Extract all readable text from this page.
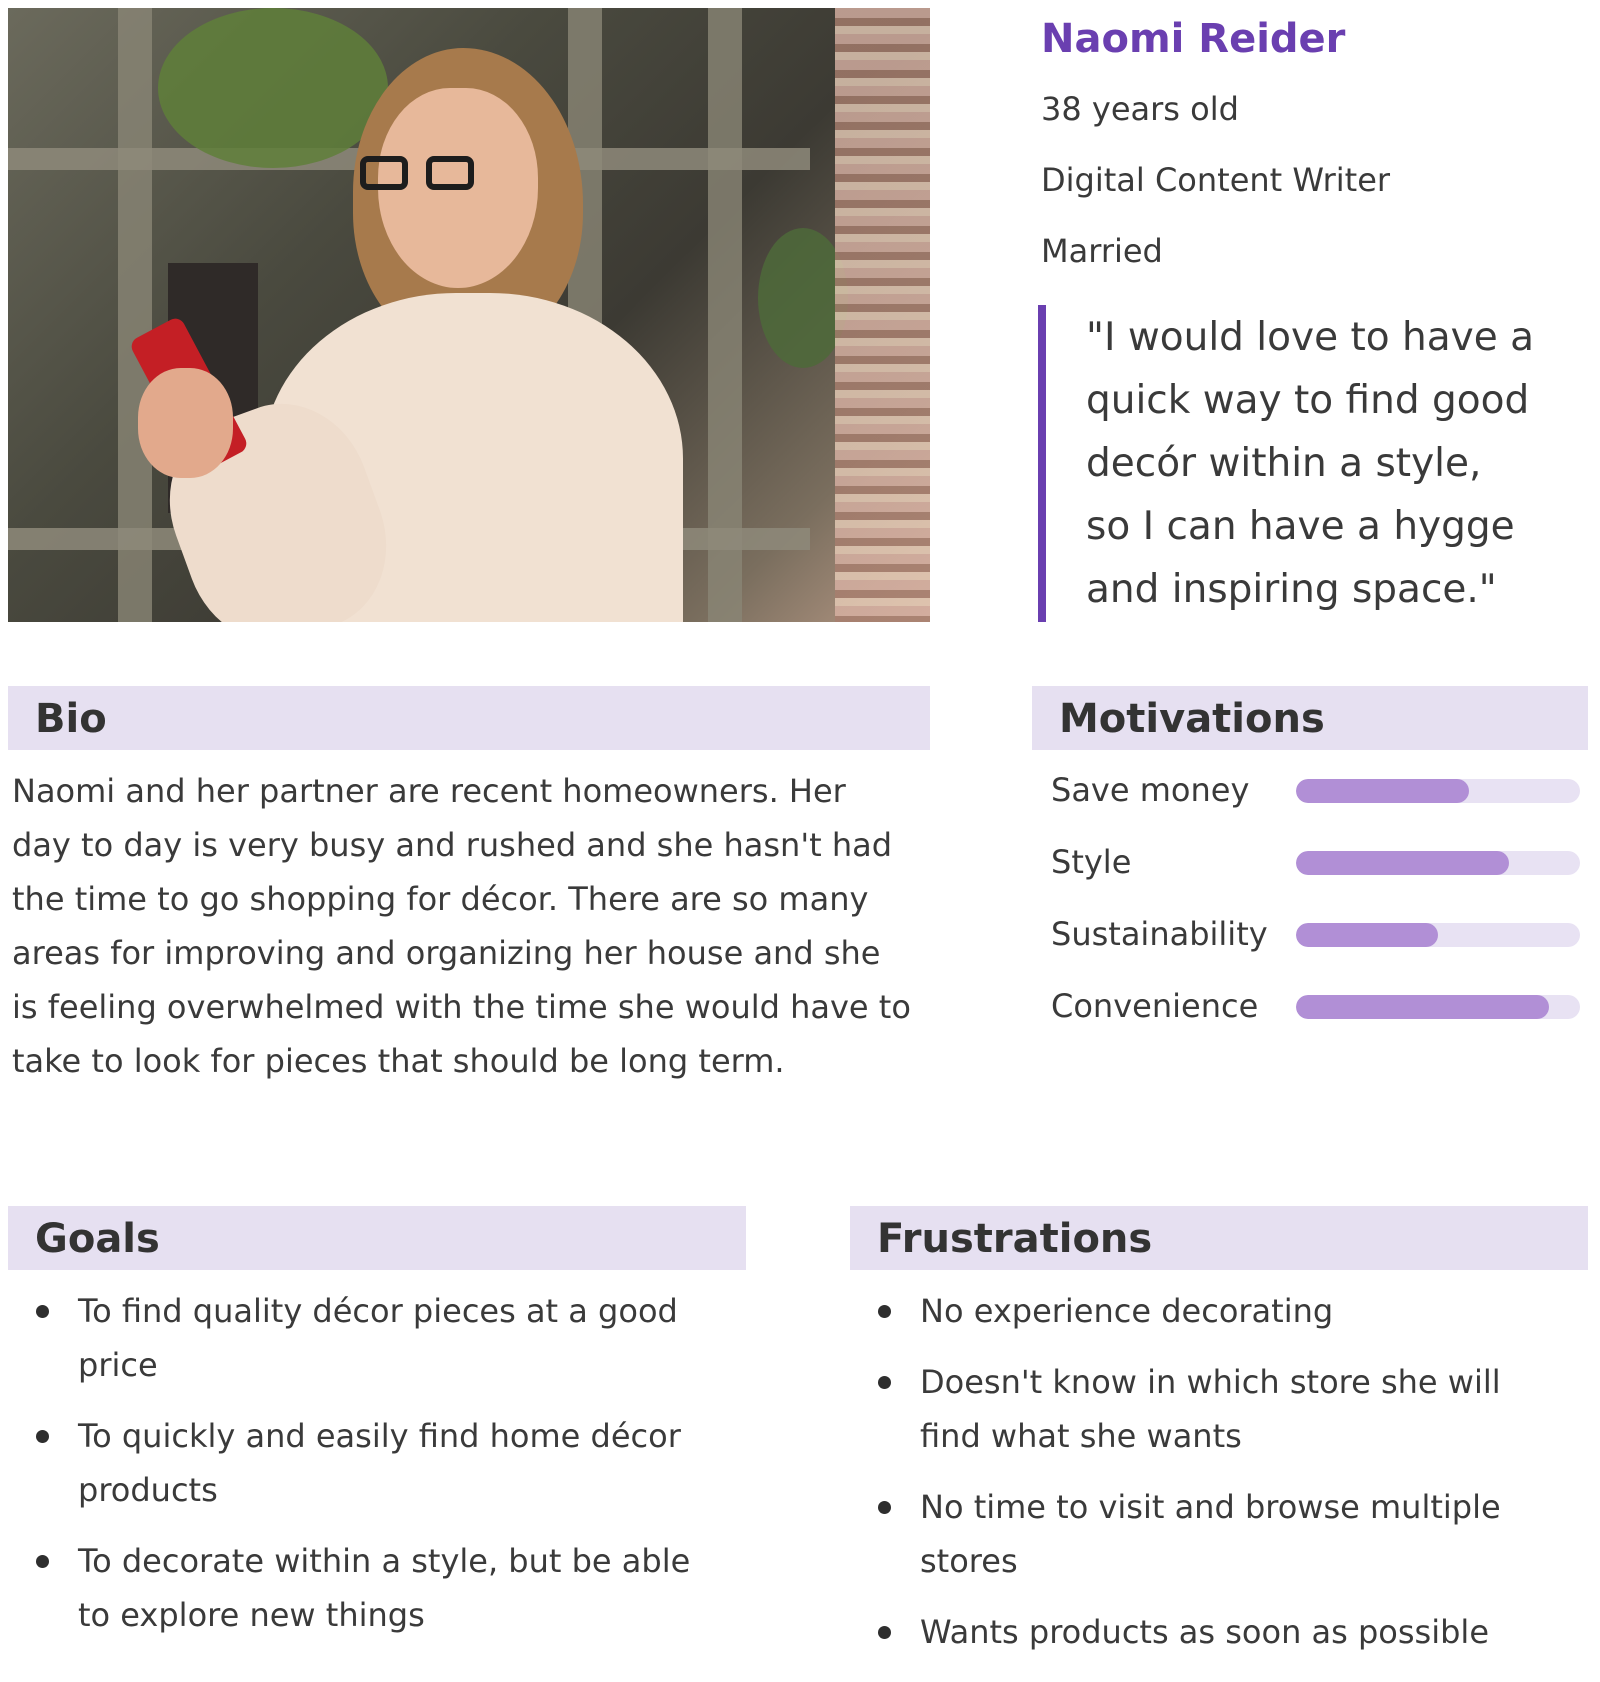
Naomi Reider

38 years old

Digital Content Writer

Married

"I would love to have a
quick way to find good
decór within a style,
so I can have a hygge
and inspiring space."

Bio

Naomi and her partner are recent homeowners. Her day to day is very busy and rushed and she hasn't had the time to go shopping for décor. There are so many areas for improving and organizing her house and she is feeling overwhelmed with the time she would have to take to look for pieces that should be long term.

Motivations
Save money
Style
Sustainability
Convenience
Goals
To find quality décor pieces at a good price
To quickly and easily find home décor products
To decorate within a style, but be able to explore new things
Frustrations
No experience decorating
Doesn't know in which store she will find what she wants
No time to visit and browse multiple stores
Wants products as soon as possible
